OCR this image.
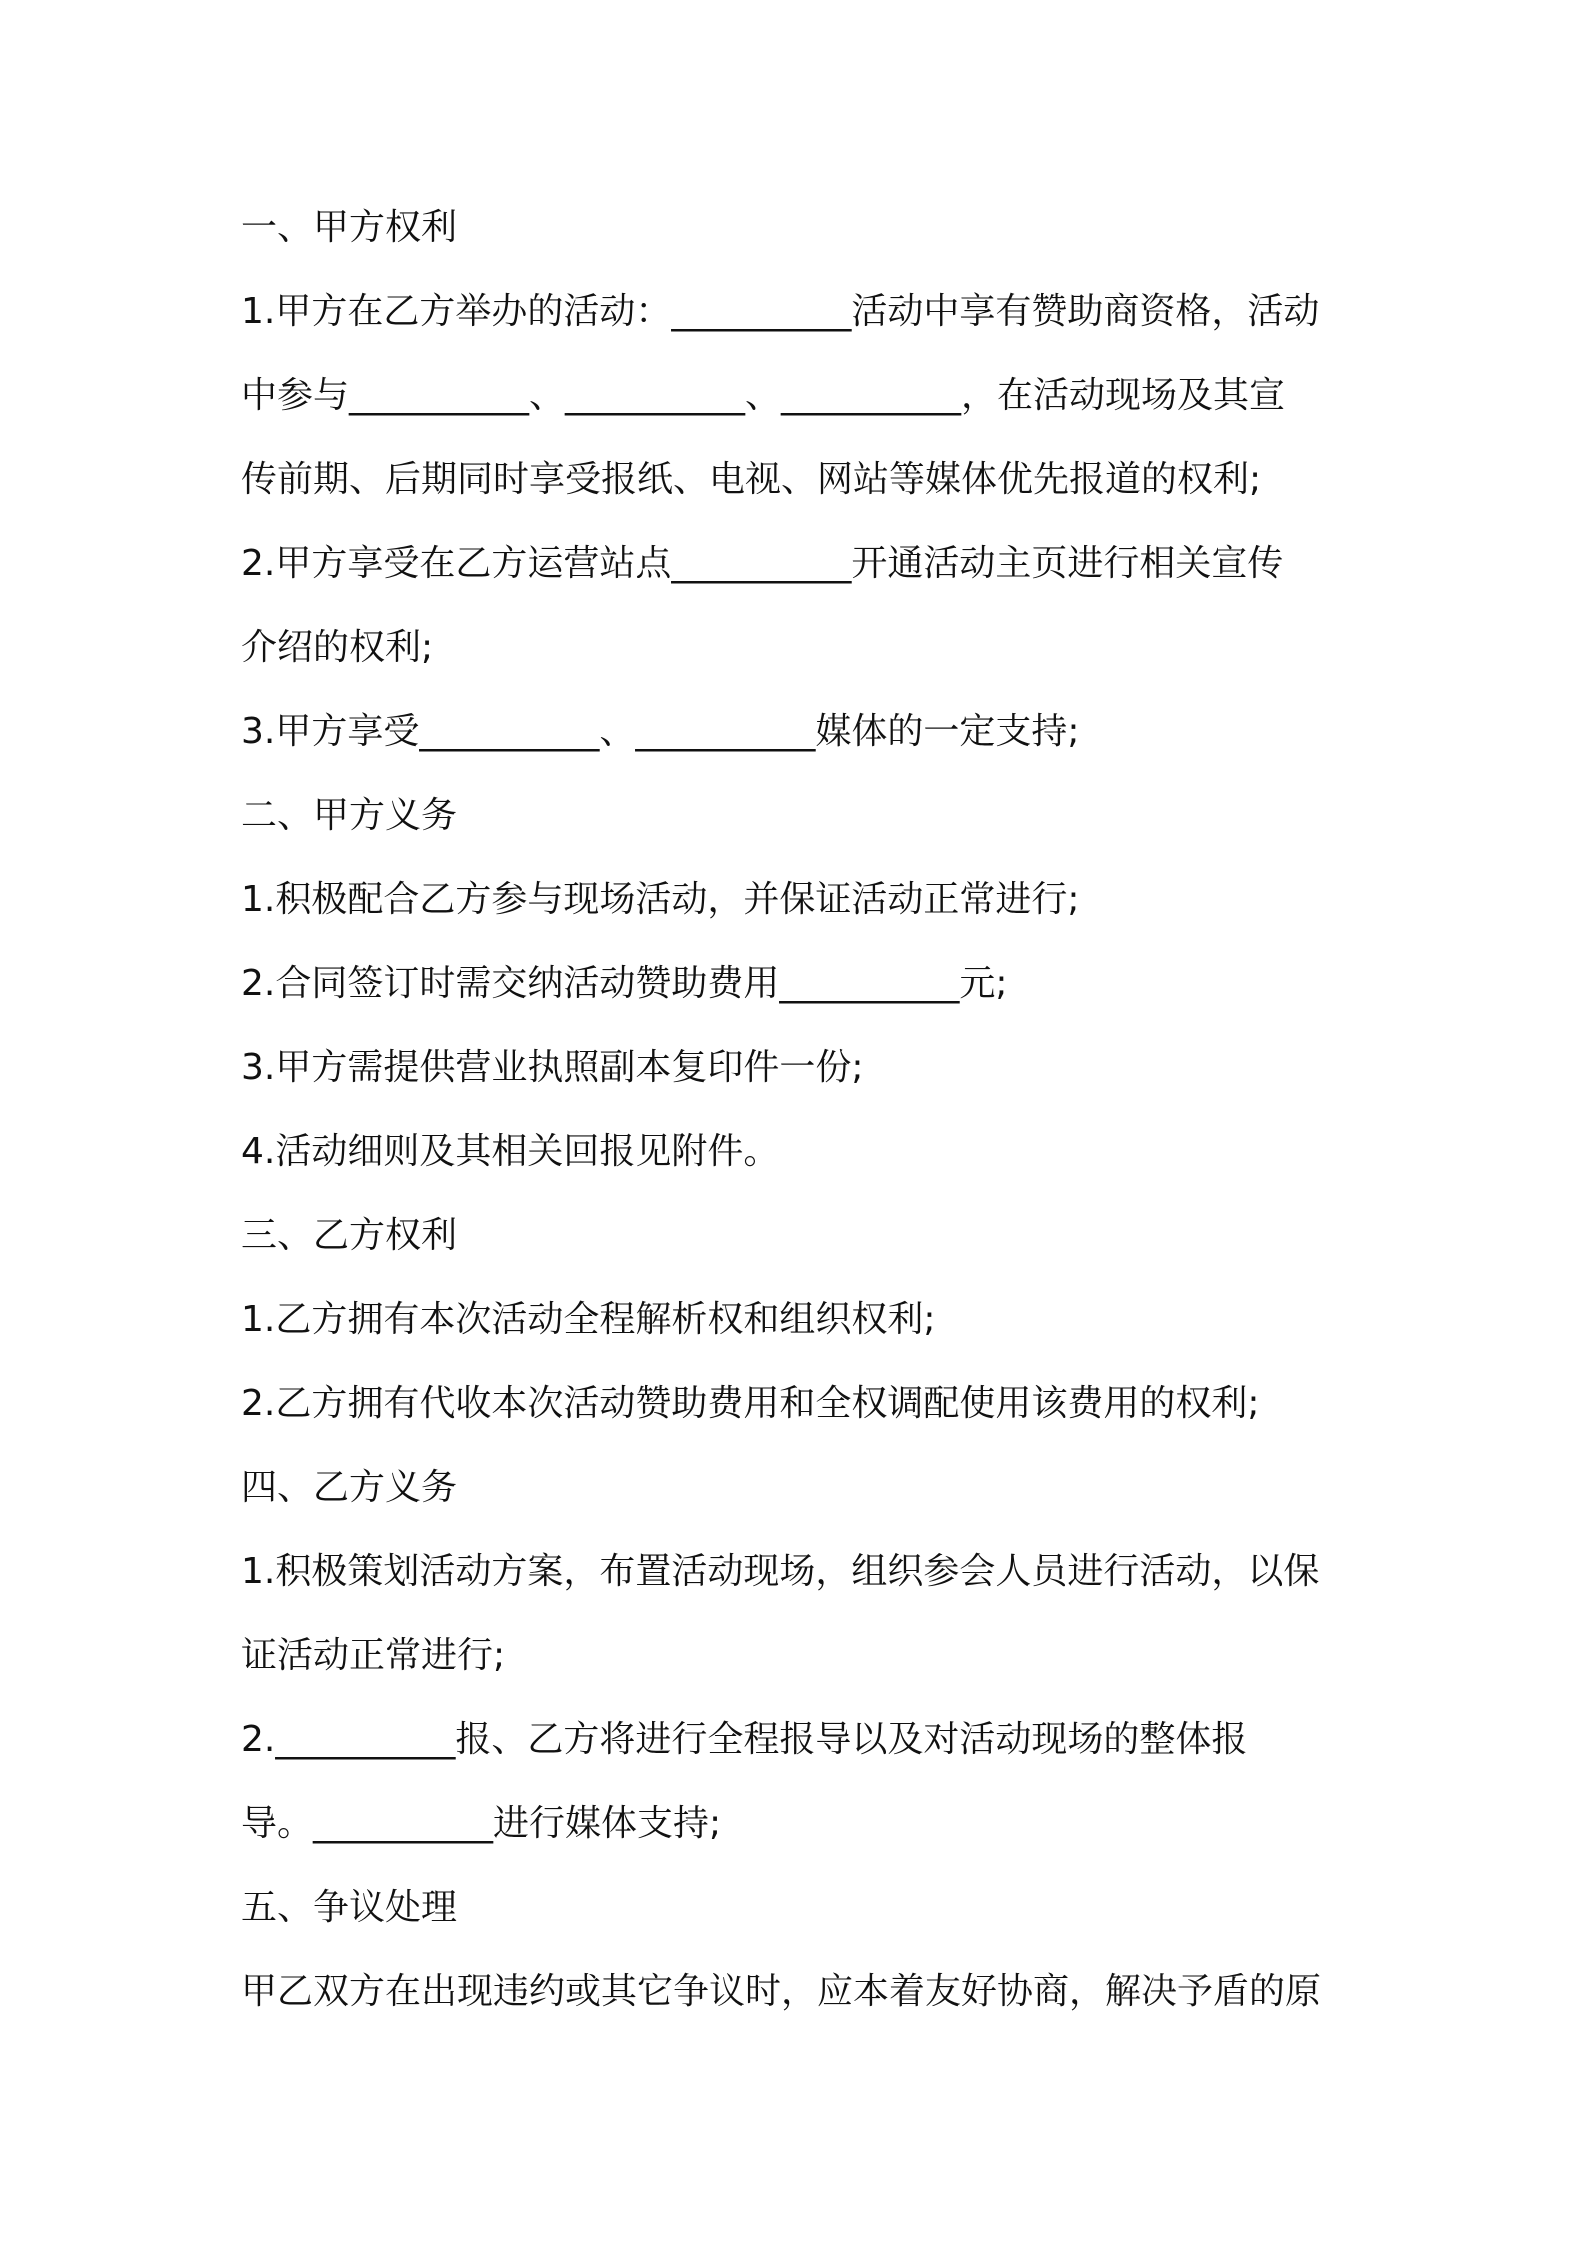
一、甲方权利
1.甲方在乙方举办的活动：__________活动中享有赞助商资格，活动
中参与__________、__________、__________，在活动现场及其宣
传前期、后期同时享受报纸、电视、网站等媒体优先报道的权利;
2.甲方享受在乙方运营站点__________开通活动主页进行相关宣传
介绍的权利;
3.甲方享受__________、__________媒体的一定支持;
二、甲方义务
1.积极配合乙方参与现场活动，并保证活动正常进行;
2.合同签订时需交纳活动赞助费用__________元;
3.甲方需提供营业执照副本复印件一份;
4.活动细则及其相关回报见附件。
三、乙方权利
1.乙方拥有本次活动全程解析权和组织权利;
2.乙方拥有代收本次活动赞助费用和全权调配使用该费用的权利;
四、乙方义务
1.积极策划活动方案，布置活动现场，组织参会人员进行活动，以保
证活动正常进行;
2.__________报、乙方将进行全程报导以及对活动现场的整体报
导。__________进行媒体支持;
五、争议处理
甲乙双方在出现违约或其它争议时，应本着友好协商，解决予盾的原
